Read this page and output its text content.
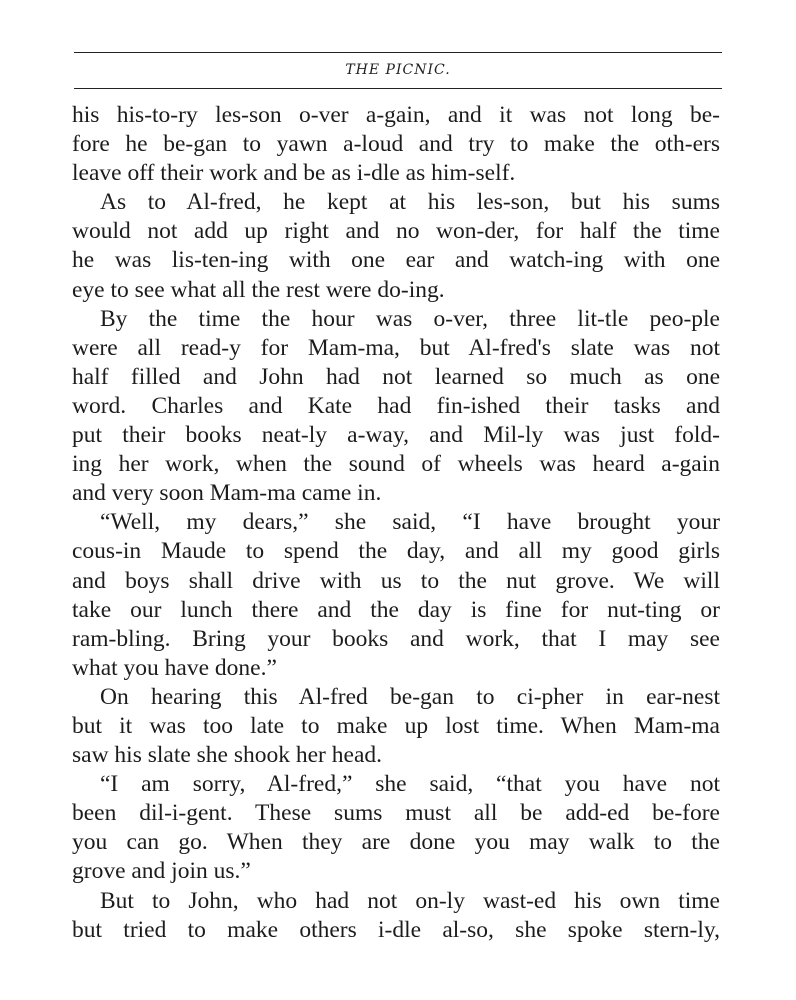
THE PICNIC.
his his-to-ry les-son o-ver a-gain, and it was not long be-
fore he be-gan to yawn a-loud and try to make the oth-ers
leave off their work and be as i-dle as him-self.
As to Al-fred, he kept at his les-son, but his sums
would not add up right and no won-der, for half the time
he was lis-ten-ing with one ear and watch-ing with one
eye to see what all the rest were do-ing.
By the time the hour was o-ver, three lit-tle peo-ple
were all read-y for Mam-ma, but Al-fred's slate was not
half filled and John had not learned so much as one
word. Charles and Kate had fin-ished their tasks and
put their books neat-ly a-way, and Mil-ly was just fold-
ing her work, when the sound of wheels was heard a-gain
and very soon Mam-ma came in.
“Well, my dears,” she said, “I have brought your
cous-in Maude to spend the day, and all my good girls
and boys shall drive with us to the nut grove. We will
take our lunch there and the day is fine for nut-ting or
ram-bling. Bring your books and work, that I may see
what you have done.”
On hearing this Al-fred be-gan to ci-pher in ear-nest
but it was too late to make up lost time. When Mam-ma
saw his slate she shook her head.
“I am sorry, Al-fred,” she said, “that you have not
been dil-i-gent. These sums must all be add-ed be-fore
you can go. When they are done you may walk to the
grove and join us.”
But to John, who had not on-ly wast-ed his own time
but tried to make others i-dle al-so, she spoke stern-ly,
